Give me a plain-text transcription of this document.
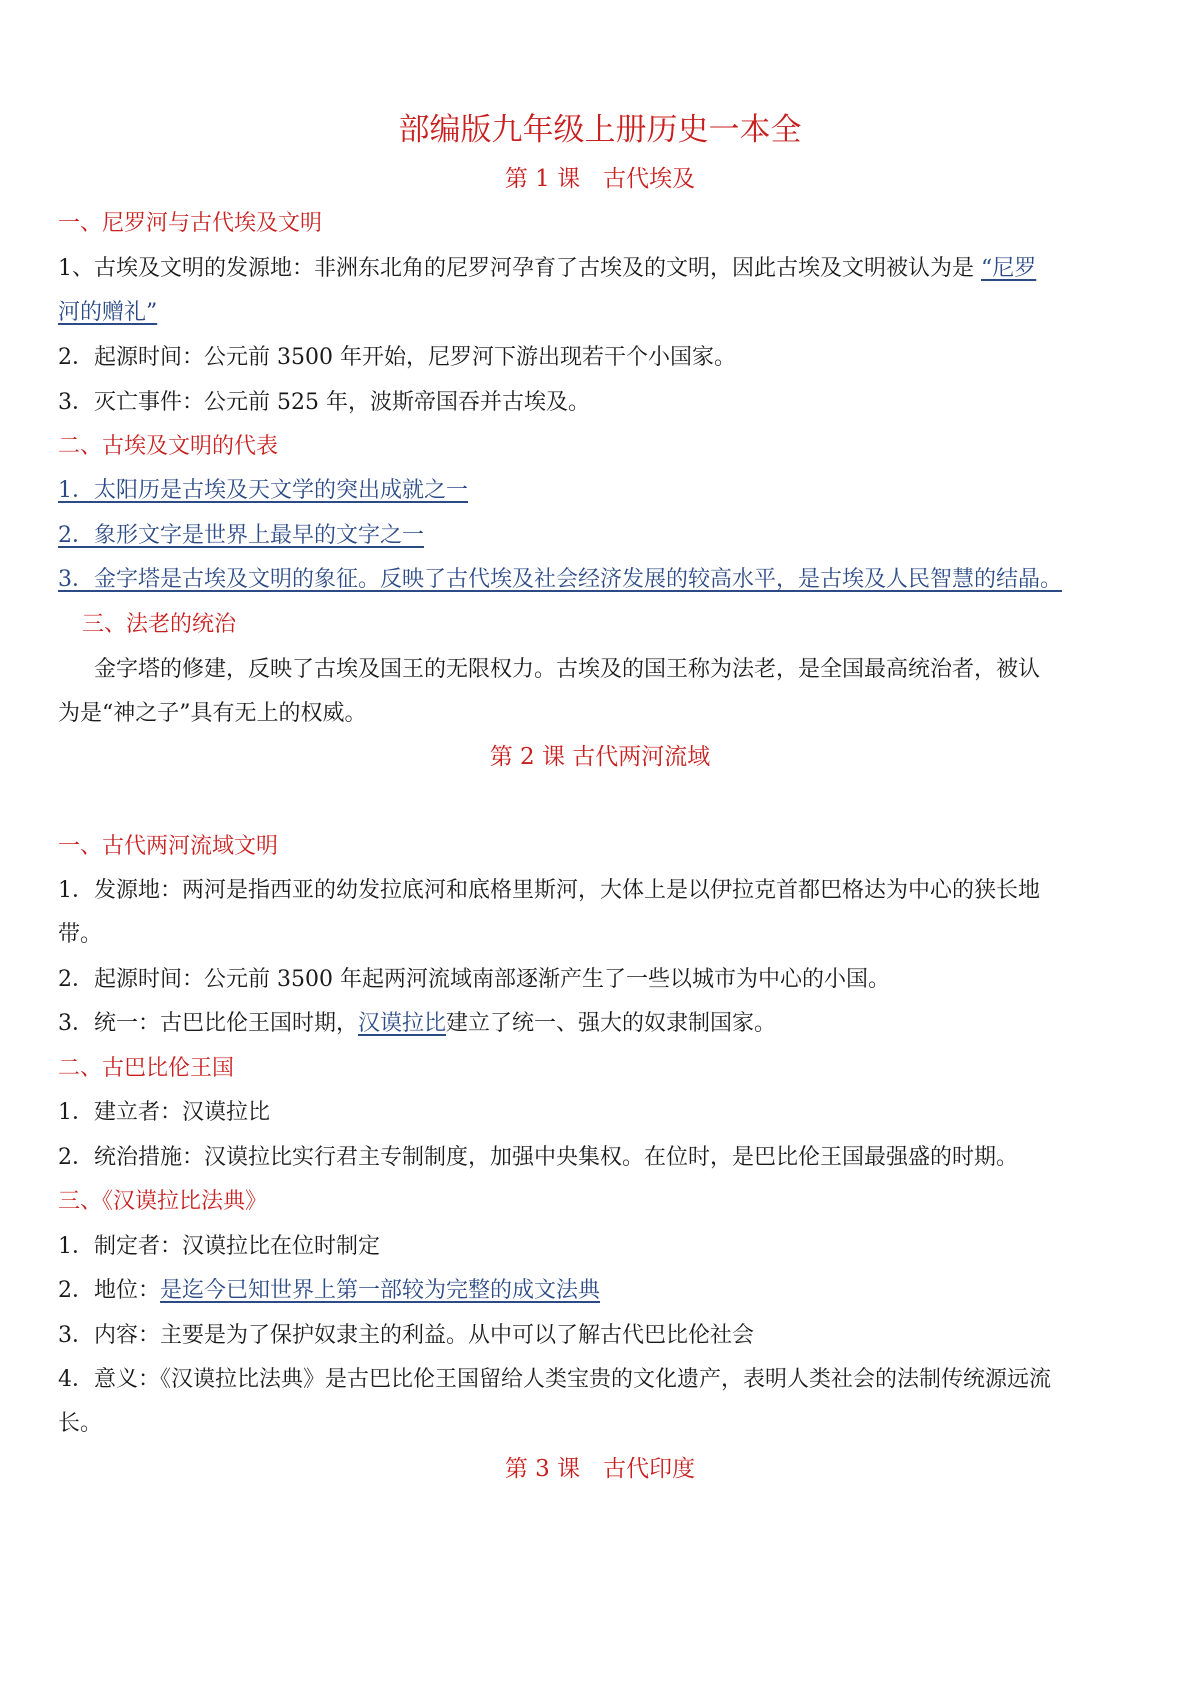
部编版九年级上册历史一本全
第 1 课　古代埃及
一、尼罗河与古代埃及文明
1、古埃及文明的发源地：非洲东北角的尼罗河孕育了古埃及的文明，因此古埃及文明被认为是 “尼罗
河的赠礼”
2．起源时间：公元前 3500 年开始，尼罗河下游出现若干个小国家。
3．灭亡事件：公元前 525 年，波斯帝国吞并古埃及。
二、古埃及文明的代表
1．太阳历是古埃及天文学的突出成就之一
2．象形文字是世界上最早的文字之一
3．金字塔是古埃及文明的象征。反映了古代埃及社会经济发展的较高水平，是古埃及人民智慧的结晶。
三、法老的统治
金字塔的修建，反映了古埃及国王的无限权力。古埃及的国王称为法老，是全国最高统治者，被认
为是“神之子”具有无上的权威。
第 2 课 古代两河流域
一、古代两河流域文明
1．发源地：两河是指西亚的幼发拉底河和底格里斯河，大体上是以伊拉克首都巴格达为中心的狭长地
带。
2．起源时间：公元前 3500 年起两河流域南部逐渐产生了一些以城市为中心的小国。
3．统一：古巴比伦王国时期，汉谟拉比建立了统一、强大的奴隶制国家。
二、古巴比伦王国
1．建立者：汉谟拉比
2．统治措施：汉谟拉比实行君主专制制度，加强中央集权。在位时，是巴比伦王国最强盛的时期。
三、《汉谟拉比法典》
1．制定者：汉谟拉比在位时制定
2．地位：是迄今已知世界上第一部较为完整的成文法典
3．内容：主要是为了保护奴隶主的利益。从中可以了解古代巴比伦社会
4．意义：《汉谟拉比法典》是古巴比伦王国留给人类宝贵的文化遗产，表明人类社会的法制传统源远流
长。
第 3 课　古代印度
